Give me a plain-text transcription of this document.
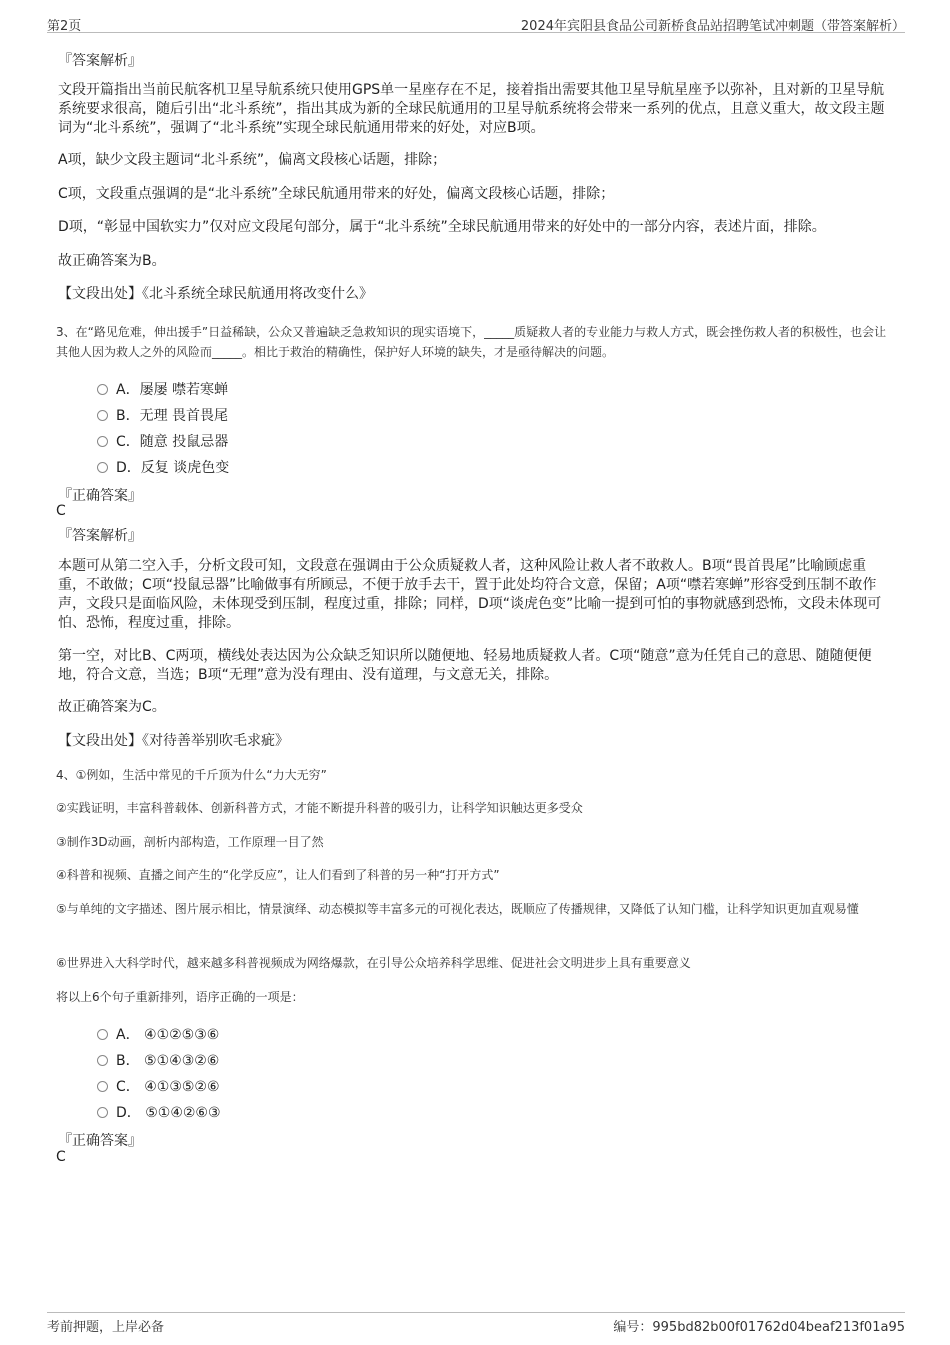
第2页	2024年宾阳县食品公司新桥食品站招聘笔试冲刺题（带答案解析）
『答案解析』
文段开篇指出当前民航客机卫星导航系统只使用GPS单一星座存在不足，接着指出需要其他卫星导航星座予以弥补，且对新的卫星导航系统要求很高，随后引出“北斗系统”，指出其成为新的全球民航通用的卫星导航系统将会带来一系列的优点，且意义重大，故文段主题词为“北斗系统”，强调了“北斗系统”实现全球民航通用带来的好处，对应B项。
A项，缺少文段主题词“北斗系统”，偏离文段核心话题，排除；
C项，文段重点强调的是“北斗系统”全球民航通用带来的好处，偏离文段核心话题，排除；
D项，“彰显中国软实力”仅对应文段尾句部分，属于“北斗系统”全球民航通用带来的好处中的一部分内容，表述片面，排除。
故正确答案为B。
【文段出处】《北斗系统全球民航通用将改变什么》
3、在“路见危难，伸出援手”日益稀缺，公众又普遍缺乏急救知识的现实语境下，_____质疑救人者的专业能力与救人方式，既会挫伤救人者的积极性，也会让其他人因为救人之外的风险而_____。相比于救治的精确性，保护好人环境的缺失，才是亟待解决的问题。
A．屡屡 噤若寒蝉
B．无理 畏首畏尾
C．随意 投鼠忌器
D．反复 谈虎色变
『正确答案』
C
『答案解析』
本题可从第二空入手，分析文段可知，文段意在强调由于公众质疑救人者，这种风险让救人者不敢救人。B项“畏首畏尾”比喻顾虑重重，不敢做；C项“投鼠忌器”比喻做事有所顾忌，不便于放手去干，置于此处均符合文意，保留；A项“噤若寒蝉”形容受到压制不敢作声，文段只是面临风险，未体现受到压制，程度过重，排除；同样，D项“谈虎色变”比喻一提到可怕的事物就感到恐怖，文段未体现可怕、恐怖，程度过重，排除。
第一空，对比B、C两项，横线处表达因为公众缺乏知识所以随便地、轻易地质疑救人者。C项“随意”意为任凭自己的意思、随随便便地，符合文意，当选；B项“无理”意为没有理由、没有道理，与文意无关，排除。
故正确答案为C。
【文段出处】《对待善举别吹毛求疵》
4、①例如，生活中常见的千斤顶为什么“力大无穷”
②实践证明，丰富科普载体、创新科普方式，才能不断提升科普的吸引力，让科学知识触达更多受众
③制作3D动画，剖析内部构造，工作原理一目了然
④科普和视频、直播之间产生的“化学反应”，让人们看到了科普的另一种“打开方式”
⑤与单纯的文字描述、图片展示相比，情景演绎、动态模拟等丰富多元的可视化表达，既顺应了传播规律，又降低了认知门槛，让科学知识更加直观易懂
⑥世界进入大科学时代，越来越多科普视频成为网络爆款，在引导公众培养科学思维、促进社会文明进步上具有重要意义
将以上6个句子重新排列，语序正确的一项是：
A． ④①②⑤③⑥
B． ⑤①④③②⑥
C． ④①③⑤②⑥
D． ⑤①④②⑥③
『正确答案』
C
考前押题，上岸必备	编号：995bd82b00f01762d04beaf213f01a95
